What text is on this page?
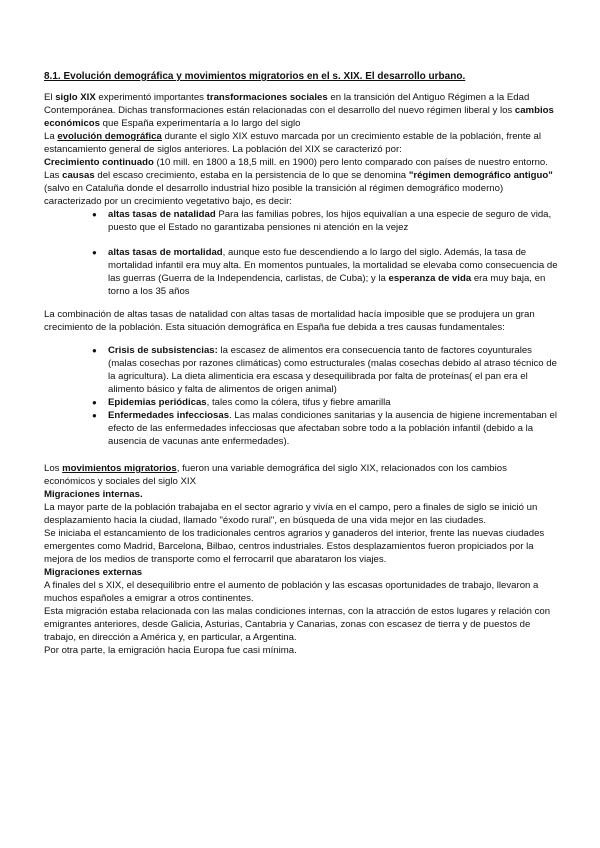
8.1. Evolución demográfica y movimientos migratorios en el s. XIX. El desarrollo urbano.

El siglo XIX experimentó importantes transformaciones sociales en la transición del Antiguo Régimen a la Edad Contemporánea. Dichas transformaciones están relacionadas con el desarrollo del nuevo régimen liberal y los cambios económicos que España experimentaría a lo largo del siglo

La evolución demográfica durante el siglo XIX estuvo marcada por un crecimiento estable de la población, frente al estancamiento general de siglos anteriores. La población del XIX se caracterizó por:

Crecimiento continuado (10 mill. en 1800 a 18,5 mill. en 1900) pero lento comparado con países de nuestro entorno.

Las causas del escaso crecimiento, estaba en la persistencia de lo que se denomina "régimen demográfico antiguo" (salvo en Cataluña donde el desarrollo industrial hizo posible la transición al régimen demográfico moderno) caracterizado por un crecimiento vegetativo bajo, es decir:

● altas tasas de natalidad Para las familias pobres, los hijos equivalían a una especie de seguro de vida, puesto que el Estado no garantizaba pensiones ni atención en la vejez
● altas tasas de mortalidad, aunque esto fue descendiendo a lo largo del siglo. Además, la tasa de mortalidad infantil era muy alta. En momentos puntuales, la mortalidad se elevaba como consecuencia de las guerras (Guerra de la Independencia, carlistas, de Cuba); y la esperanza de vida era muy baja, en torno a los 35 años

La combinación de altas tasas de natalidad con altas tasas de mortalidad hacía imposible que se produjera un gran crecimiento de la población. Esta situación demográfica en España fue debida a tres causas fundamentales:

● Crisis de subsistencias: la escasez de alimentos era consecuencia tanto de factores coyunturales (malas cosechas por razones climáticas) como estructurales (malas cosechas debido al atraso técnico de la agricultura). La dieta alimenticia era escasa y desequilibrada por falta de proteínas( el pan era el alimento básico y falta de alimentos de origen animal)
● Epidemias periódicas, tales como la cólera, tifus y fiebre amarilla
● Enfermedades infecciosas. Las malas condiciones sanitarias y la ausencia de higiene incrementaban el efecto de las enfermedades infecciosas que afectaban sobre todo a la población infantil (debido a la ausencia de vacunas ante enfermedades).

Los movimientos migratorios, fueron una variable demográfica del siglo XIX, relacionados con los cambios económicos y sociales del siglo XIX

Migraciones internas.

La mayor parte de la población trabajaba en el sector agrario y vivía en el campo, pero a finales de siglo se inició un desplazamiento hacia la ciudad, llamado "éxodo rural", en búsqueda de una vida mejor en las ciudades.

Se iniciaba el estancamiento de los tradicionales centros agrarios y ganaderos del interior, frente las nuevas ciudades emergentes como Madrid, Barcelona, Bilbao, centros industriales. Estos desplazamientos fueron propiciados por la mejora de los medios de transporte como el ferrocarril que abarataron los viajes.

Migraciones externas

A finales del s XIX, el desequilibrio entre el aumento de población y las escasas oportunidades de trabajo, llevaron a muchos españoles a emigrar a otros continentes.

Esta migración estaba relacionada con las malas condiciones internas, con la atracción de estos lugares y relación con emigrantes anteriores, desde Galicia, Asturias, Cantabria y Canarias, zonas con escasez de tierra y de puestos de trabajo, en dirección a América y, en particular, a Argentina.

Por otra parte, la emigración hacia Europa fue casi mínima.
